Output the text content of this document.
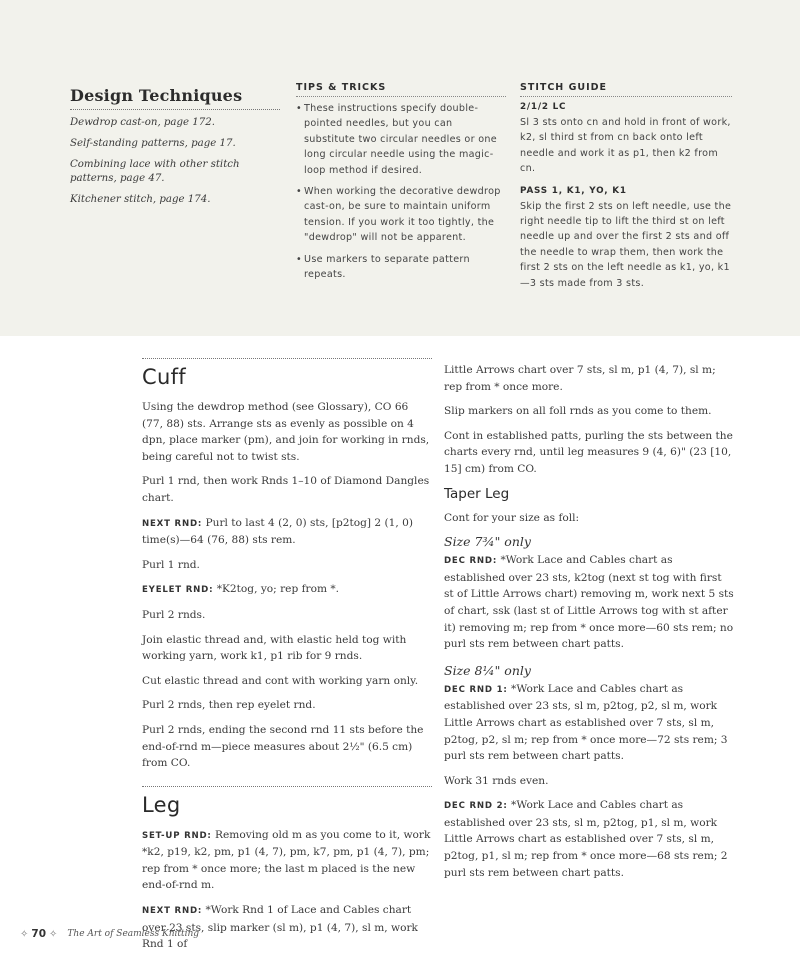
Design Techniques

Dewdrop cast-on, page 172.

Self-standing patterns, page 17.

Combining lace with other stitch patterns, page 47.

Kitchener stitch, page 174.

TIPS & TRICKS
• These instructions specify double-pointed needles, but you can substitute two circular needles or one long circular needle using the magic-loop method if desired.
• When working the decorative dewdrop cast-on, be sure to maintain uniform tension. If you work it too tightly, the "dewdrop" will not be apparent.
• Use markers to separate pattern repeats.
STITCH GUIDE
2/1/2 LC
Sl 3 sts onto cn and hold in front of work, k2, sl third st from cn back onto left needle and work it as p1, then k2 from cn.
PASS 1, K1, YO, K1
Skip the first 2 sts on left needle, use the right needle tip to lift the third st on left needle up and over the first 2 sts and off the needle to wrap them, then work the first 2 sts on the left needle as k1, yo, k1—3 sts made from 3 sts.
Cuff

Using the dewdrop method (see Glossary), CO 66 (77, 88) sts. Arrange sts as evenly as possible on 4 dpn, place marker (pm), and join for working in rnds, being careful not to twist sts.

Purl 1 rnd, then work Rnds 1–10 of Diamond Dangles chart.

NEXT RND: Purl to last 4 (2, 0) sts, [p2tog] 2 (1, 0) time(s)—64 (76, 88) sts rem.

Purl 1 rnd.

EYELET RND: *K2tog, yo; rep from *.

Purl 2 rnds.

Join elastic thread and, with elastic held tog with working yarn, work k1, p1 rib for 9 rnds.

Cut elastic thread and cont with working yarn only.

Purl 2 rnds, then rep eyelet rnd.

Purl 2 rnds, ending the second rnd 11 sts before the end-of-rnd m—piece measures about 2½" (6.5 cm) from CO.

Leg

SET-UP RND: Removing old m as you come to it, work *k2, p19, k2, pm, p1 (4, 7), pm, k7, pm, p1 (4, 7), pm; rep from * once more; the last m placed is the new end-of-rnd m.

NEXT RND: *Work Rnd 1 of Lace and Cables chart over 23 sts, slip marker (sl m), p1 (4, 7), sl m, work Rnd 1 of

Little Arrows chart over 7 sts, sl m, p1 (4, 7), sl m; rep from * once more.

Slip markers on all foll rnds as you come to them.

Cont in established patts, purling the sts between the charts every rnd, until leg measures 9 (4, 6)" (23 [10, 15] cm) from CO.

Taper Leg

Cont for your size as foll:

Size 7¾" only

DEC RND: *Work Lace and Cables chart as established over 23 sts, k2tog (next st tog with first st of Little Arrows chart) removing m, work next 5 sts of chart, ssk (last st of Little Arrows tog with st after it) removing m; rep from * once more—60 sts rem; no purl sts rem between chart patts.

Size 8¼" only

DEC RND 1: *Work Lace and Cables chart as established over 23 sts, sl m, p2tog, p2, sl m, work Little Arrows chart as established over 7 sts, sl m, p2tog, p2, sl m; rep from * once more—72 sts rem; 3 purl sts rem between chart patts.

Work 31 rnds even.

DEC RND 2: *Work Lace and Cables chart as established over 23 sts, sl m, p2tog, p1, sl m, work Little Arrows chart as established over 7 sts, sl m, p2tog, p1, sl m; rep from * once more—68 sts rem; 2 purl sts rem between chart patts.

✧ 70 ✧ The Art of Seamless Knitting
